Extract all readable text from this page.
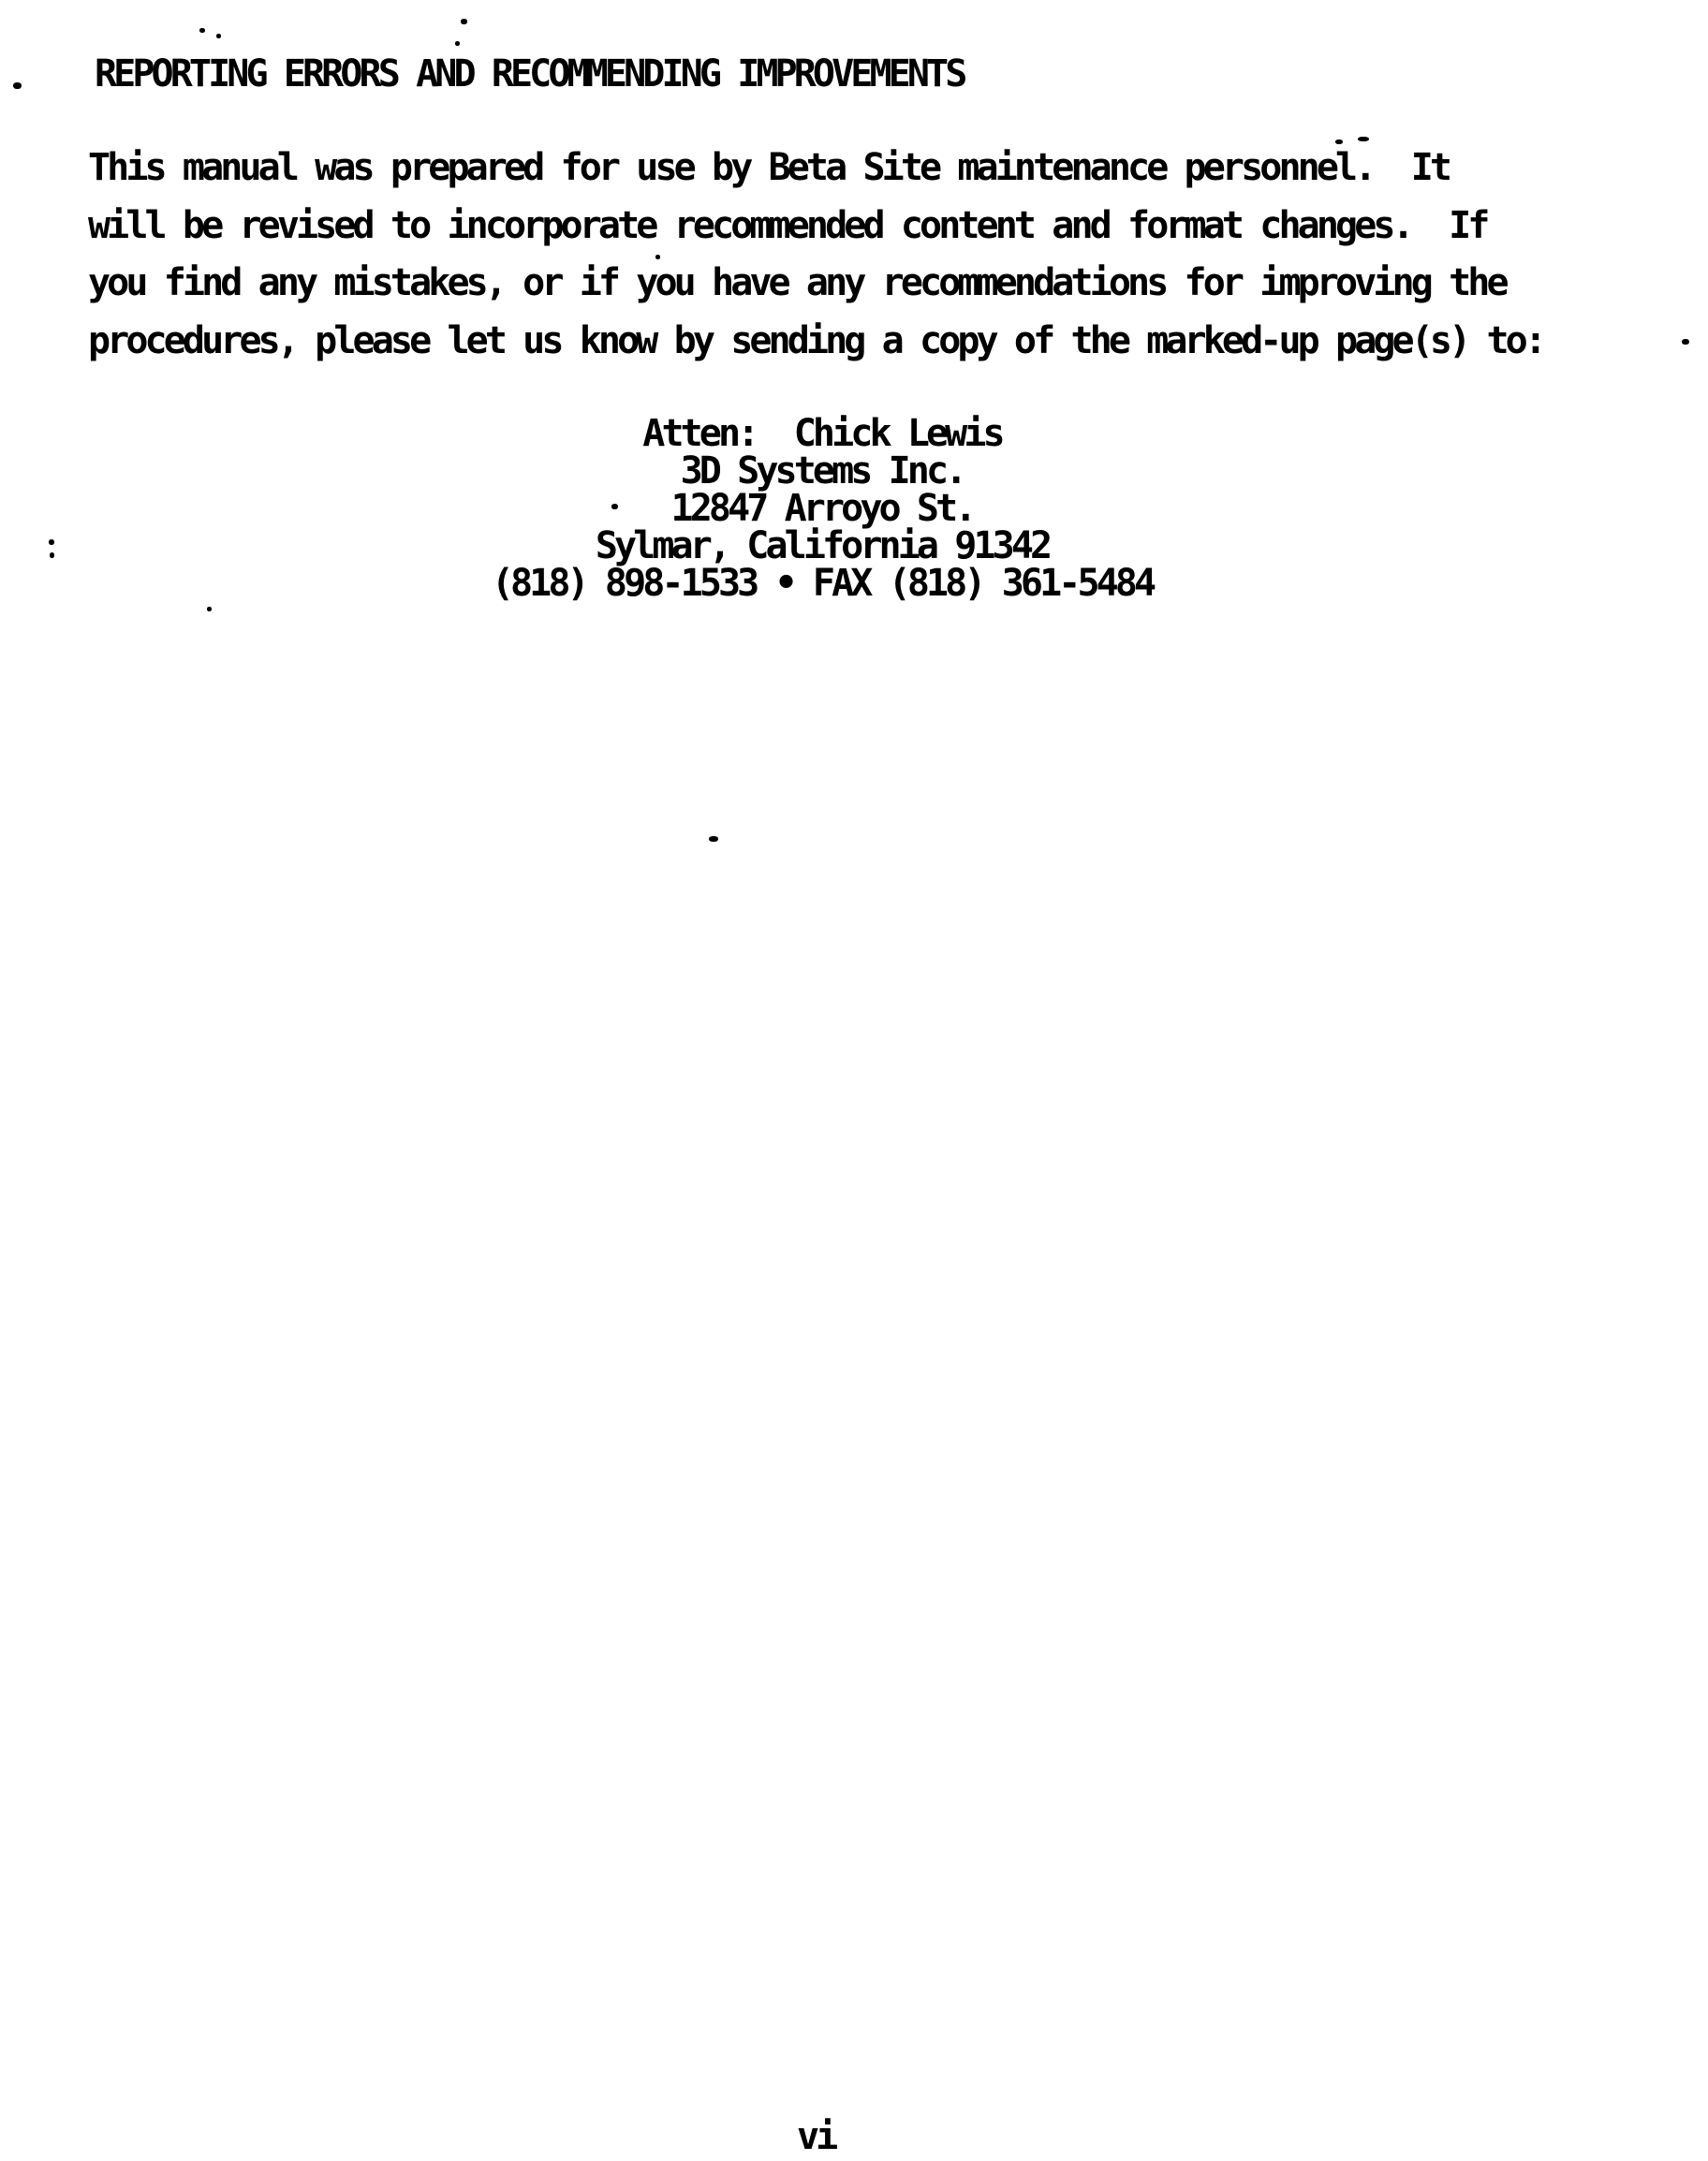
REPORTING ERRORS AND RECOMMENDING IMPROVEMENTS
This manual was prepared for use by Beta Site maintenance personnel.  It
will be revised to incorporate recommended content and format changes.  If
you find any mistakes, or if you have any recommendations for improving the
procedures, please let us know by sending a copy of the marked-up page(s) to:
Atten:  Chick Lewis
3D Systems Inc.
12847 Arroyo St.
Sylmar, California 91342
(818) 898-1533 • FAX (818) 361-5484
vi
